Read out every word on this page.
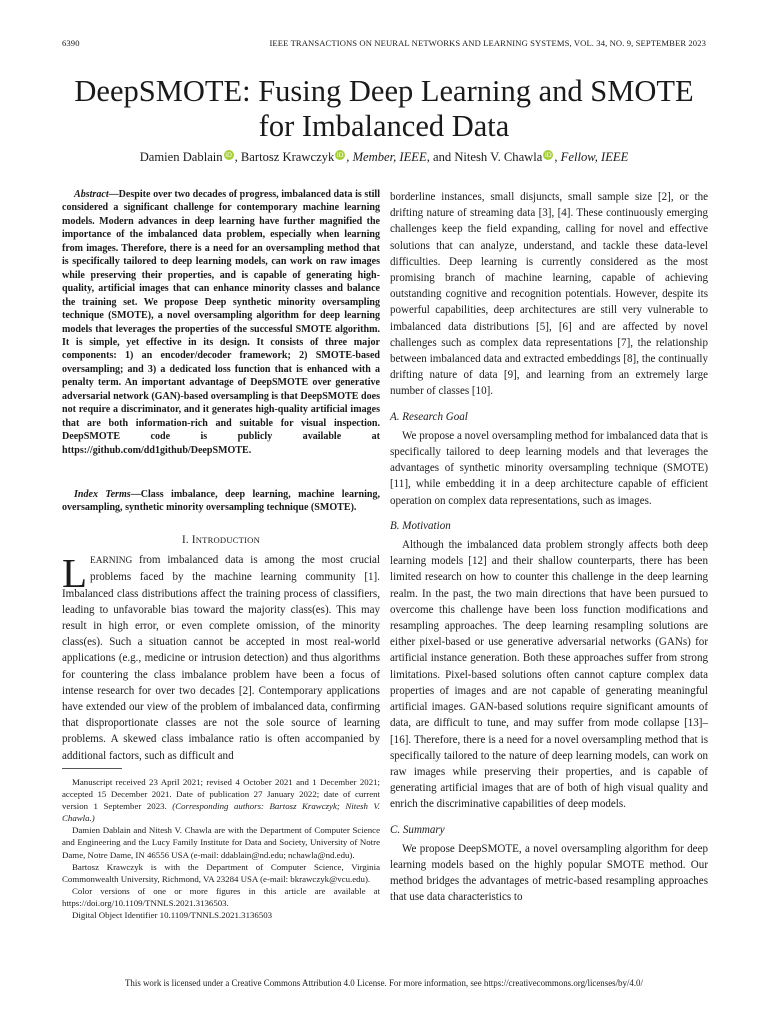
6390	IEEE TRANSACTIONS ON NEURAL NETWORKS AND LEARNING SYSTEMS, VOL. 34, NO. 9, SEPTEMBER 2023
DeepSMOTE: Fusing Deep Learning and SMOTE
for Imbalanced Data
Damien Dablain iD , Bartosz Krawczyk iD , Member, IEEE, and Nitesh V. Chawla iD , Fellow, IEEE
Abstract—Despite over two decades of progress, imbalanced data is still considered a significant challenge for contemporary machine learning models. Modern advances in deep learning have further magnified the importance of the imbalanced data problem, especially when learning from images. Therefore, there is a need for an oversampling method that is specifically tailored to deep learning models, can work on raw images while preserving their properties, and is capable of generating high-quality, artificial images that can enhance minority classes and balance the training set. We propose Deep synthetic minority oversampling technique (SMOTE), a novel oversampling algorithm for deep learning models that leverages the properties of the successful SMOTE algorithm. It is simple, yet effective in its design. It consists of three major components: 1) an encoder/decoder framework; 2) SMOTE-based oversampling; and 3) a dedicated loss function that is enhanced with a penalty term. An important advantage of DeepSMOTE over generative adversarial network (GAN)-based oversampling is that DeepSMOTE does not require a discriminator, and it generates high-quality artificial images that are both information-rich and suitable for visual inspection. DeepSMOTE code is publicly available at https://github.com/dd1github/DeepSMOTE.
Index Terms—Class imbalance, deep learning, machine learning, oversampling, synthetic minority oversampling technique (SMOTE).
I. INTRODUCTION
LEARNING from imbalanced data is among the most crucial problems faced by the machine learning community [1]. Imbalanced class distributions affect the training process of classifiers, leading to unfavorable bias toward the majority class(es). This may result in high error, or even complete omission, of the minority class(es). Such a situation cannot be accepted in most real-world applications (e.g., medicine or intrusion detection) and thus algorithms for countering the class imbalance problem have been a focus of intense research for over two decades [2]. Contemporary applications have extended our view of the problem of imbalanced data, confirming that disproportionate classes are not the sole source of learning problems. A skewed class imbalance ratio is often accompanied by additional factors, such as difficult and

Manuscript received 23 April 2021; revised 4 October 2021 and 1 December 2021; accepted 15 December 2021. Date of publication 27 January 2022; date of current version 1 September 2023. (Corresponding authors: Bartosz Krawczyk; Nitesh V. Chawla.)

Damien Dablain and Nitesh V. Chawla are with the Department of Computer Science and Engineering and the Lucy Family Institute for Data and Society, University of Notre Dame, Notre Dame, IN 46556 USA (e-mail: ddablain@nd.edu; nchawla@nd.edu).

Bartosz Krawczyk is with the Department of Computer Science, Virginia Commonwealth University, Richmond, VA 23284 USA (e-mail: bkrawczyk@vcu.edu).

Color versions of one or more figures in this article are available at https://doi.org/10.1109/TNNLS.2021.3136503.

Digital Object Identifier 10.1109/TNNLS.2021.3136503

borderline instances, small disjuncts, small sample size [2], or the drifting nature of streaming data [3], [4]. These continuously emerging challenges keep the field expanding, calling for novel and effective solutions that can analyze, understand, and tackle these data-level difficulties. Deep learning is currently considered as the most promising branch of machine learning, capable of achieving outstanding cognitive and recognition potentials. However, despite its powerful capabilities, deep architectures are still very vulnerable to imbalanced data distributions [5], [6] and are affected by novel challenges such as complex data representations [7], the relationship between imbalanced data and extracted embeddings [8], the continually drifting nature of data [9], and learning from an extremely large number of classes [10].

A. Research Goal

We propose a novel oversampling method for imbalanced data that is specifically tailored to deep learning models and that leverages the advantages of synthetic minority oversampling technique (SMOTE) [11], while embedding it in a deep architecture capable of efficient operation on complex data representations, such as images.

B. Motivation

Although the imbalanced data problem strongly affects both deep learning models [12] and their shallow counterparts, there has been limited research on how to counter this challenge in the deep learning realm. In the past, the two main directions that have been pursued to overcome this challenge have been loss function modifications and resampling approaches. The deep learning resampling solutions are either pixel-based or use generative adversarial networks (GANs) for artificial instance generation. Both these approaches suffer from strong limitations. Pixel-based solutions often cannot capture complex data properties of images and are not capable of generating meaningful artificial images. GAN-based solutions require significant amounts of data, are difficult to tune, and may suffer from mode collapse [13]–[16]. Therefore, there is a need for a novel oversampling method that is specifically tailored to the nature of deep learning models, can work on raw images while preserving their properties, and is capable of generating artificial images that are of both of high visual quality and enrich the discriminative capabilities of deep models.

C. Summary

We propose DeepSMOTE, a novel oversampling algorithm for deep learning models based on the highly popular SMOTE method. Our method bridges the advantages of metric-based resampling approaches that use data characteristics to

This work is licensed under a Creative Commons Attribution 4.0 License. For more information, see https://creativecommons.org/licenses/by/4.0/
